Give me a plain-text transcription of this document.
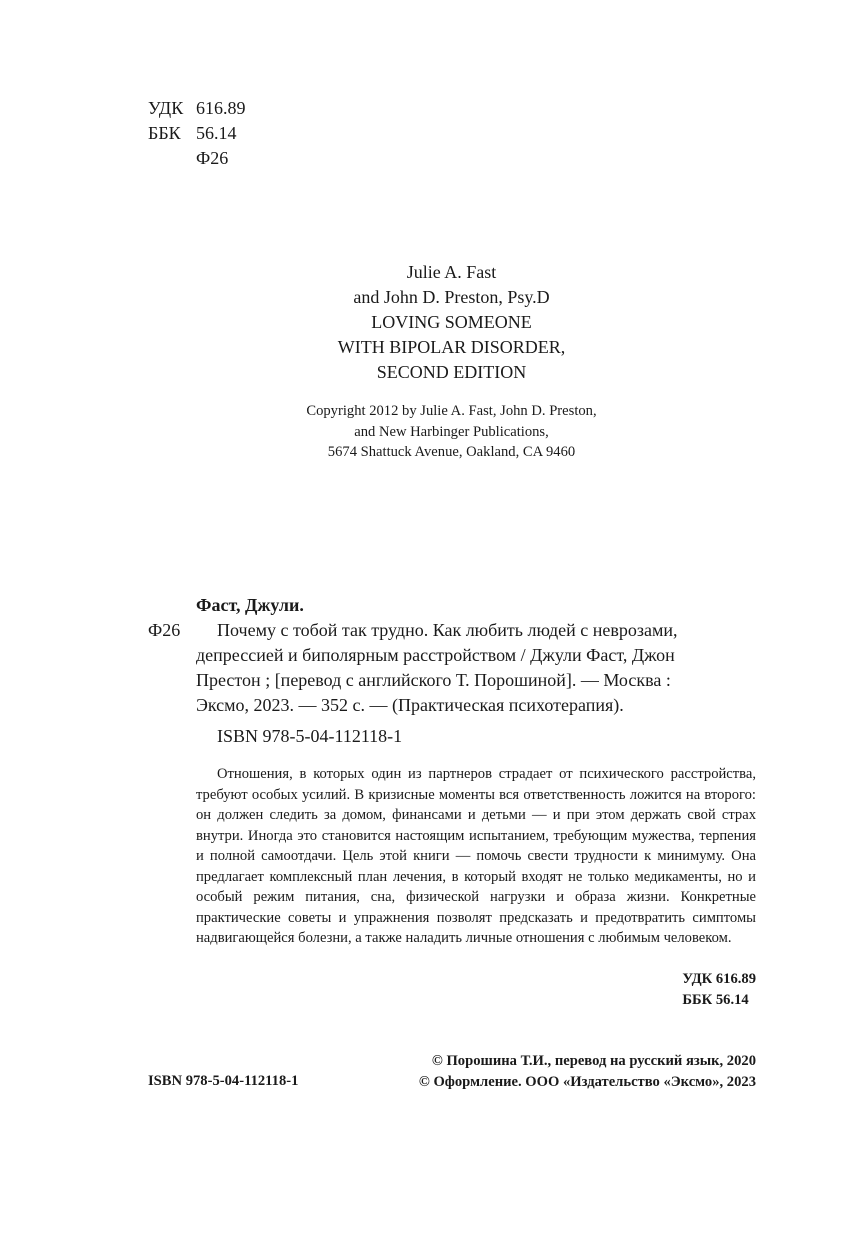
УДК 616.89
ББК 56.14
Ф26
Julie A. Fast
and John D. Preston, Psy.D
LOVING SOMEONE
WITH BIPOLAR DISORDER,
SECOND EDITION
Copyright 2012 by Julie A. Fast, John D. Preston,
and New Harbinger Publications,
5674 Shattuck Avenue, Oakland, CA 9460
Фаст, Джули.
Ф26	Почему с тобой так трудно. Как любить людей с неврозами,
депрессией и биполярным расстройством / Джули Фаст, Джон
Престон ; [перевод с английского Т. Порошиной]. — Москва :
Эксмо, 2023. — 352 с. — (Практическая психотерапия).
ISBN 978-5-04-112118-1

Отношения, в которых один из партнеров страдает от психического расстройства, требуют особых усилий. В кризисные моменты вся ответственность ложится на второго: он должен следить за домом, финансами и детьми — и при этом держать свой страх внутри. Иногда это становится настоящим испытанием, требующим мужества, терпения и полной самоотдачи. Цель этой книги — помочь свести трудности к минимуму. Она предлагает комплексный план лечения, в который входят не только медикаменты, но и особый режим питания, сна, физической нагрузки и образа жизни. Конкретные практические советы и упражнения позволят предсказать и предотвратить симптомы надвигающейся болезни, а также наладить личные отношения с любимым человеком.

УДК 616.89
ББК 56.14
© Порошина Т.И., перевод на русский язык, 2020
© Оформление. ООО «Издательство «Эксмо», 2023
ISBN 978-5-04-112118-1
